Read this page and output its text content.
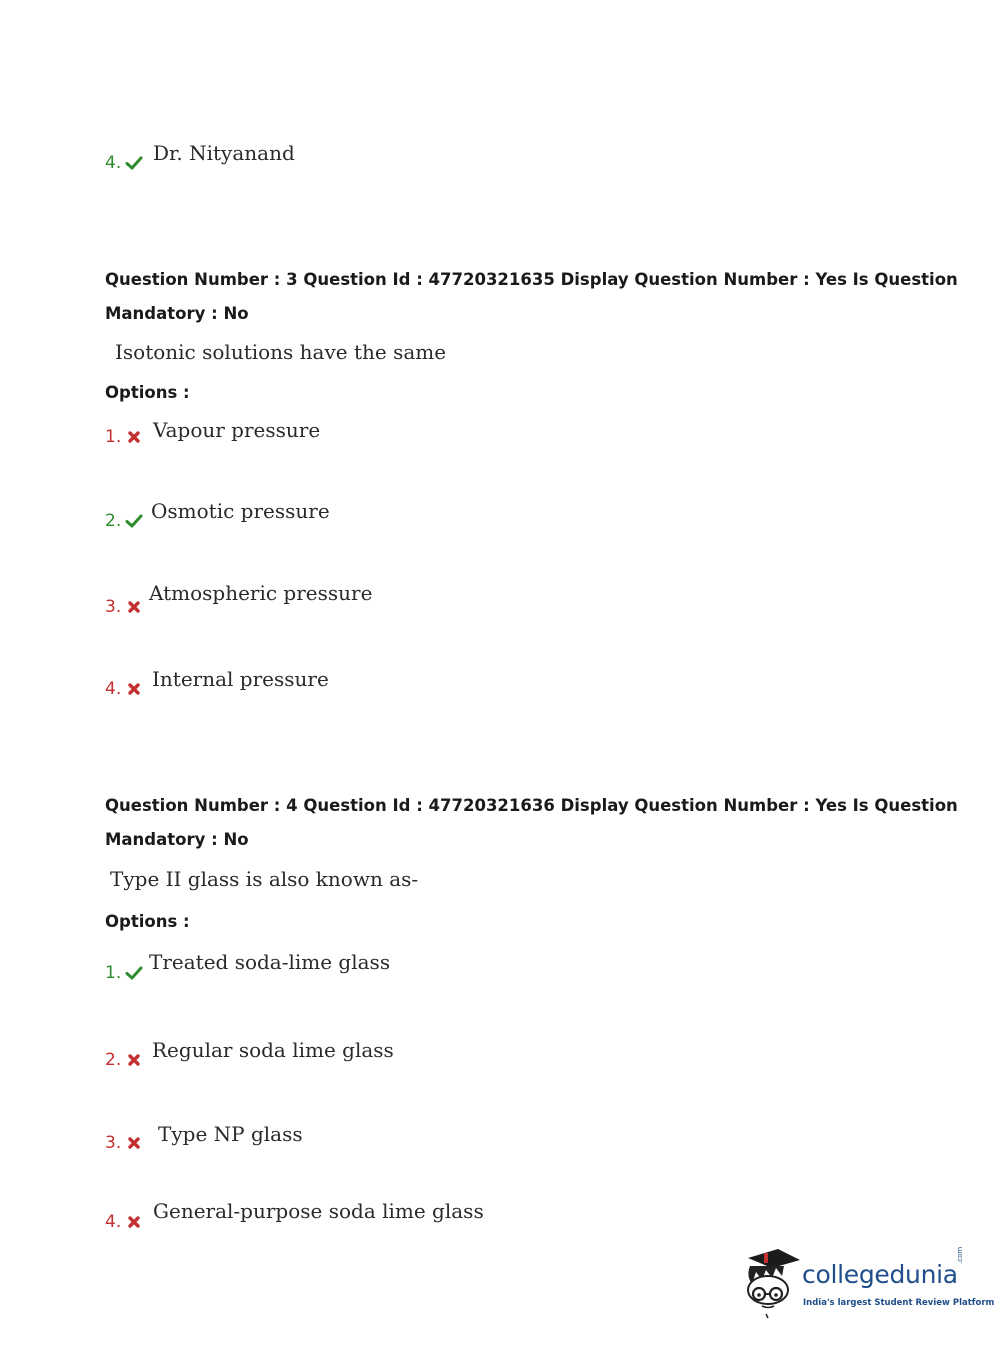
4.	Dr. Nityanand
Question Number : 3 Question Id : 47720321635 Display Question Number : Yes Is Question
Mandatory : No
Isotonic solutions have the same
Options :
1.	Vapour pressure
2.	Osmotic pressure
3.
Atmospheric pressure
4.	Internal pressure
Question Number : 4 Question Id : 47720321636 Display Question Number : Yes Is Question
Mandatory : No
Type II glass is also known as-
Options :
1.	Treated soda-lime glass
2.	Regular soda lime glass
3.	Type NP glass
4.	General-purpose soda lime glass
collegedunia
.com
India's largest Student Review Platform
